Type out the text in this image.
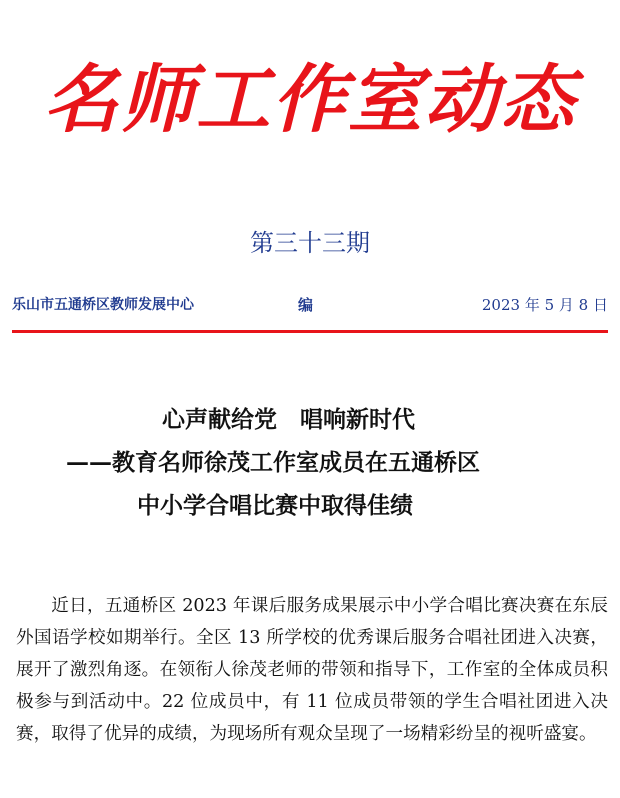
名师工作室动态
第三十三期
乐山市五通桥区教师发展中心	编	2023 年 5 月 8 日
心声献给党　唱响新时代
——教育名师徐茂工作室成员在五通桥区
中小学合唱比赛中取得佳绩

近日，五通桥区 2023 年课后服务成果展示中小学合唱比赛决赛在东辰外国语学校如期举行。全区 13 所学校的优秀课后服务合唱社团进入决赛，展开了激烈角逐。在领衔人徐茂老师的带领和指导下，工作室的全体成员积极参与到活动中。22 位成员中，有 11 位成员带领的学生合唱社团进入决赛，取得了优异的成绩，为现场所有观众呈现了一场精彩纷呈的视听盛宴。
